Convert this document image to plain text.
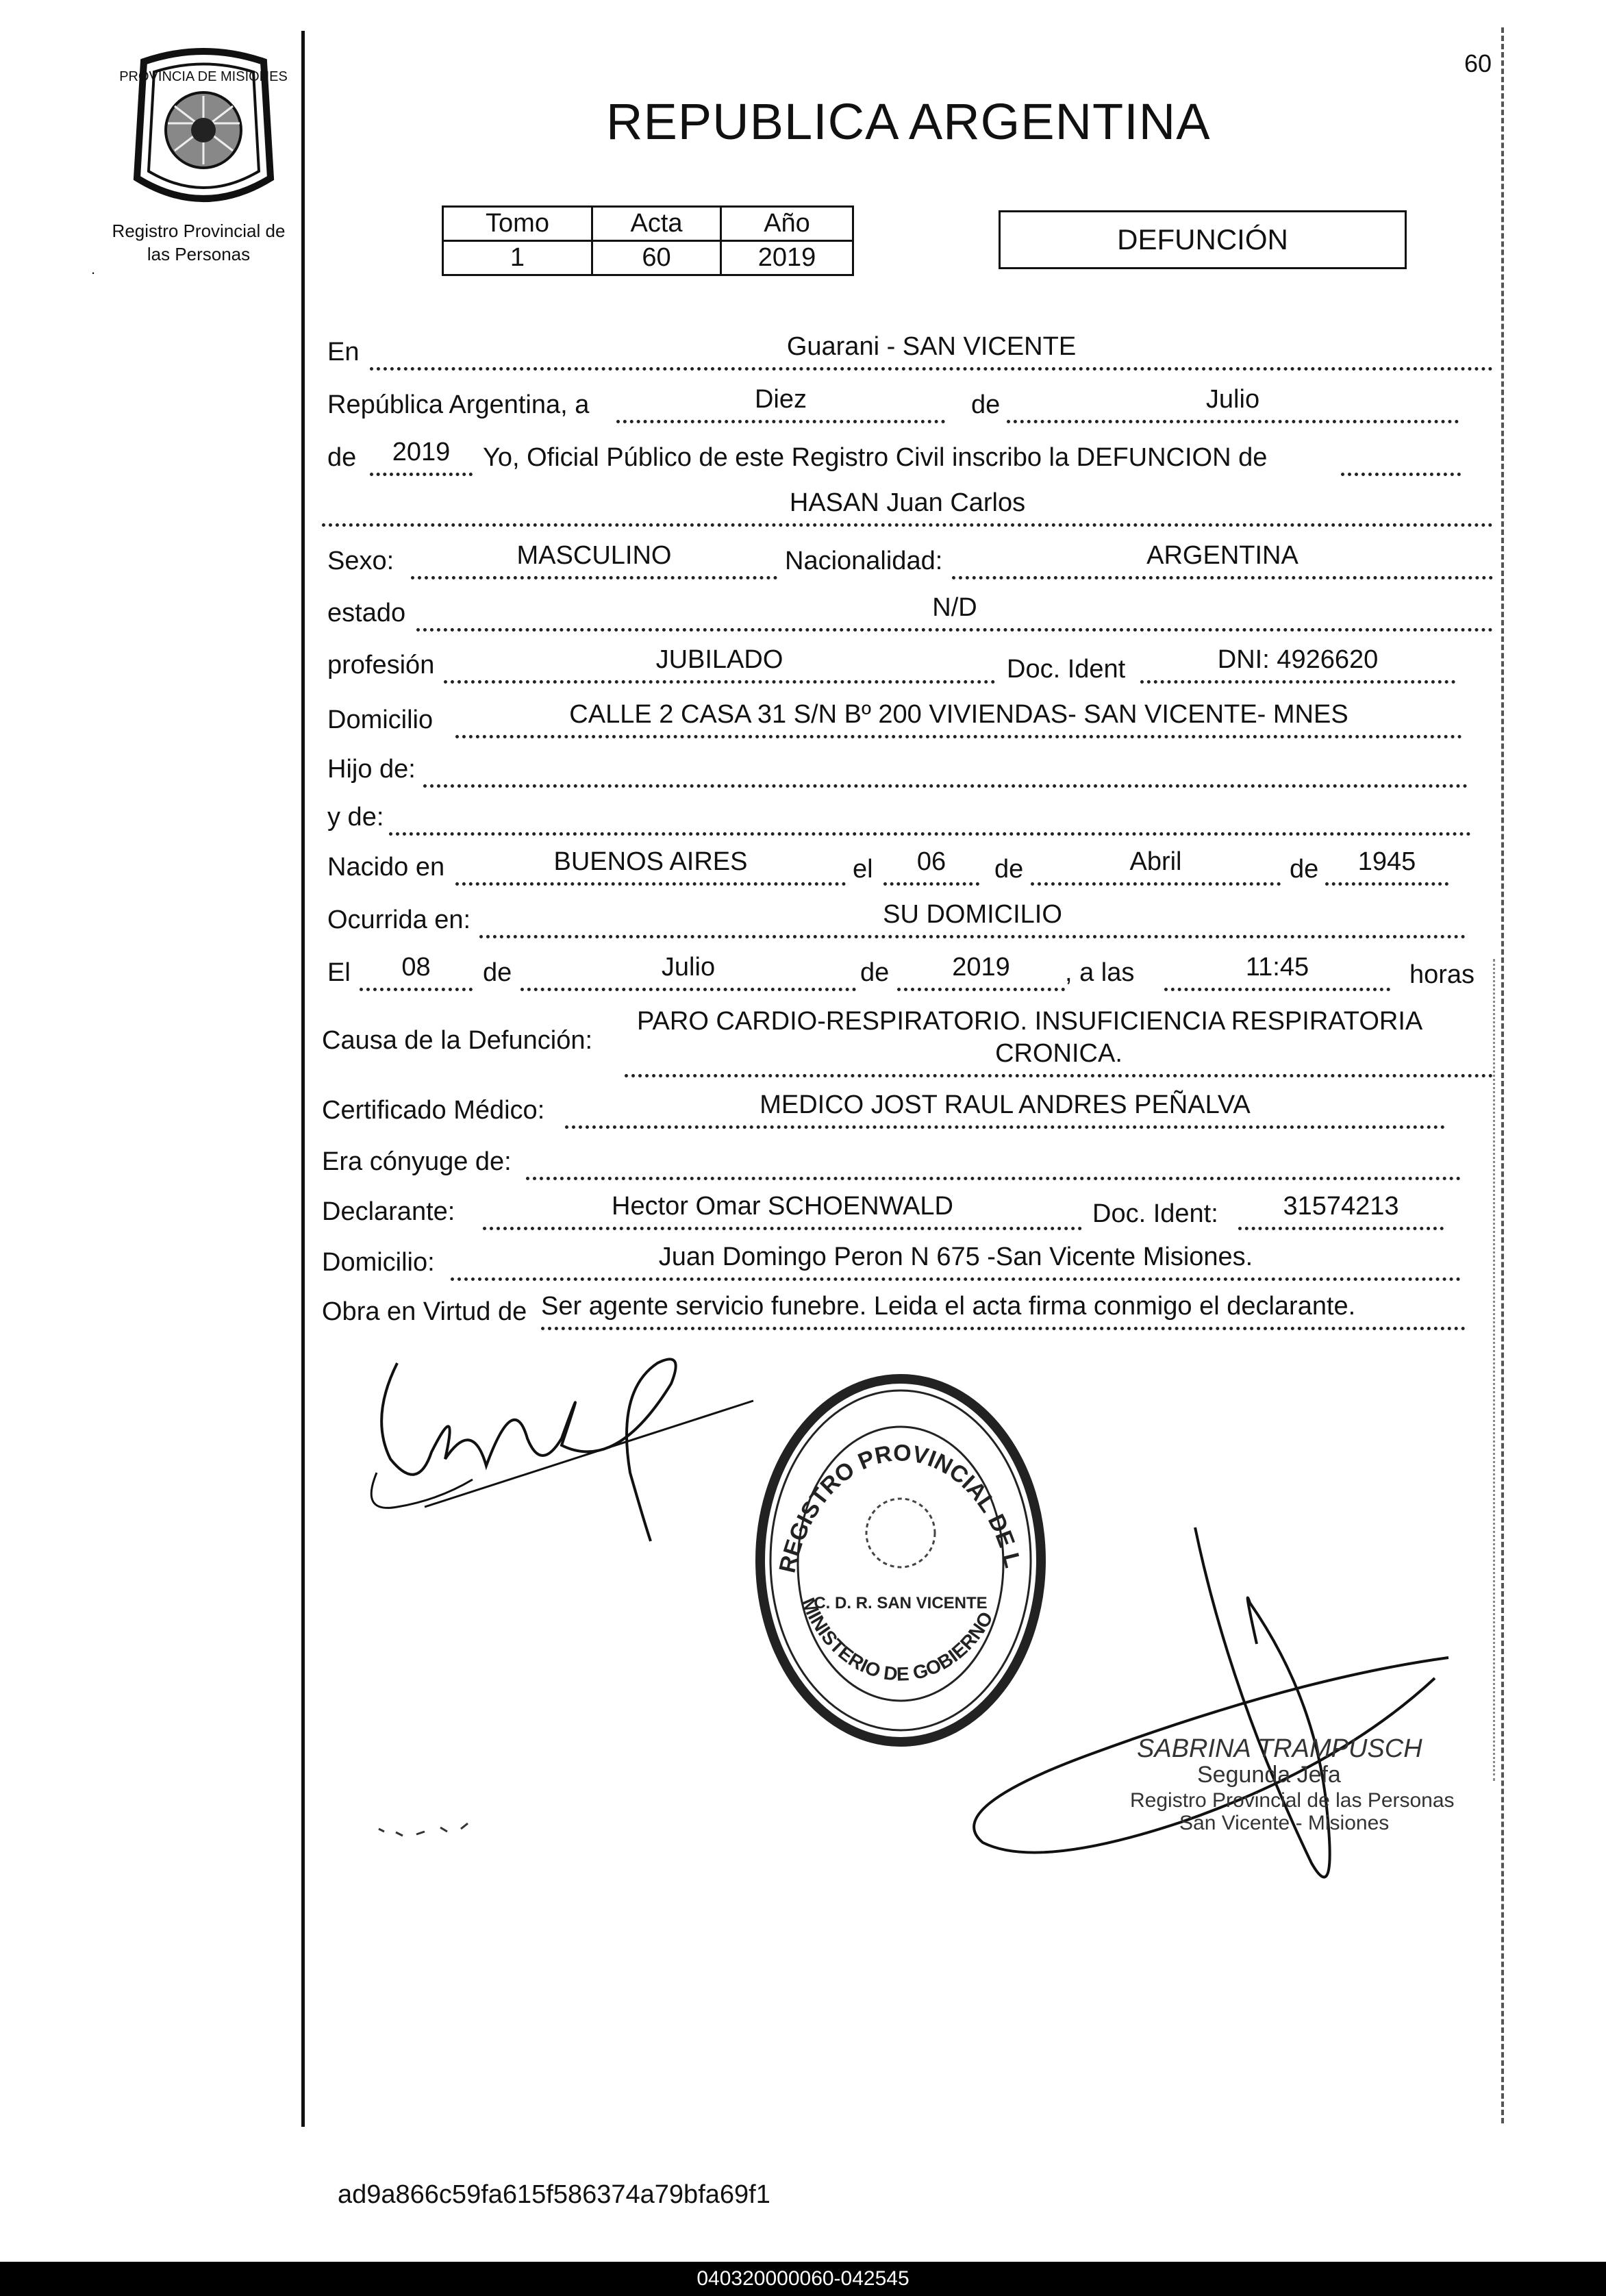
PROVINCIA DE MISIONES
Registro Provincial de
las Personas
.
60
REPUBLICA ARGENTINA
Tomo	Acta	Año
1	60	2019
DEFUNCIÓN
En	Guarani - SAN VICENTE
República Argentina, a	Diez	de	Julio
de	2019	Yo, Oficial Público de este Registro Civil inscribo la DEFUNCION de
HASAN Juan Carlos
Sexo:	MASCULINO	Nacionalidad:	ARGENTINA
estado	N/D
profesión	JUBILADO	Doc. Ident	DNI: 4926620
Domicilio	CALLE 2 CASA 31 S/N Bº 200 VIVIENDAS- SAN VICENTE- MNES
Hijo de:
y de:
Nacido en	BUENOS AIRES	el	06	de	Abril	de	1945
Ocurrida en:	SU DOMICILIO
El	08	de	Julio	de	2019	, a las	11:45	horas
Causa de la Defunción:
PARO CARDIO-RESPIRATORIO. INSUFICIENCIA RESPIRATORIA
CRONICA.
Certificado Médico:	MEDICO JOST RAUL ANDRES PEÑALVA
Era cónyuge de:
Declarante:	Hector Omar SCHOENWALD	Doc. Ident:	31574213
Domicilio:	Juan Domingo Peron N 675 -San Vicente Misiones.
Obra en Virtud de Ser agente servicio funebre. Leida el acta firma conmigo el declarante.
REGISTRO PROVINCIAL DE LAS PERSONAS
MINISTERIO DE GOBIERNO
C. D. R. SAN VICENTE
SABRINA TRAMPUSCH
Segunda Jefa
Registro Provincial de las Personas
San Vicente - Misiones
ad9a866c59fa615f586374a79bfa69f1
040320000060-042545
